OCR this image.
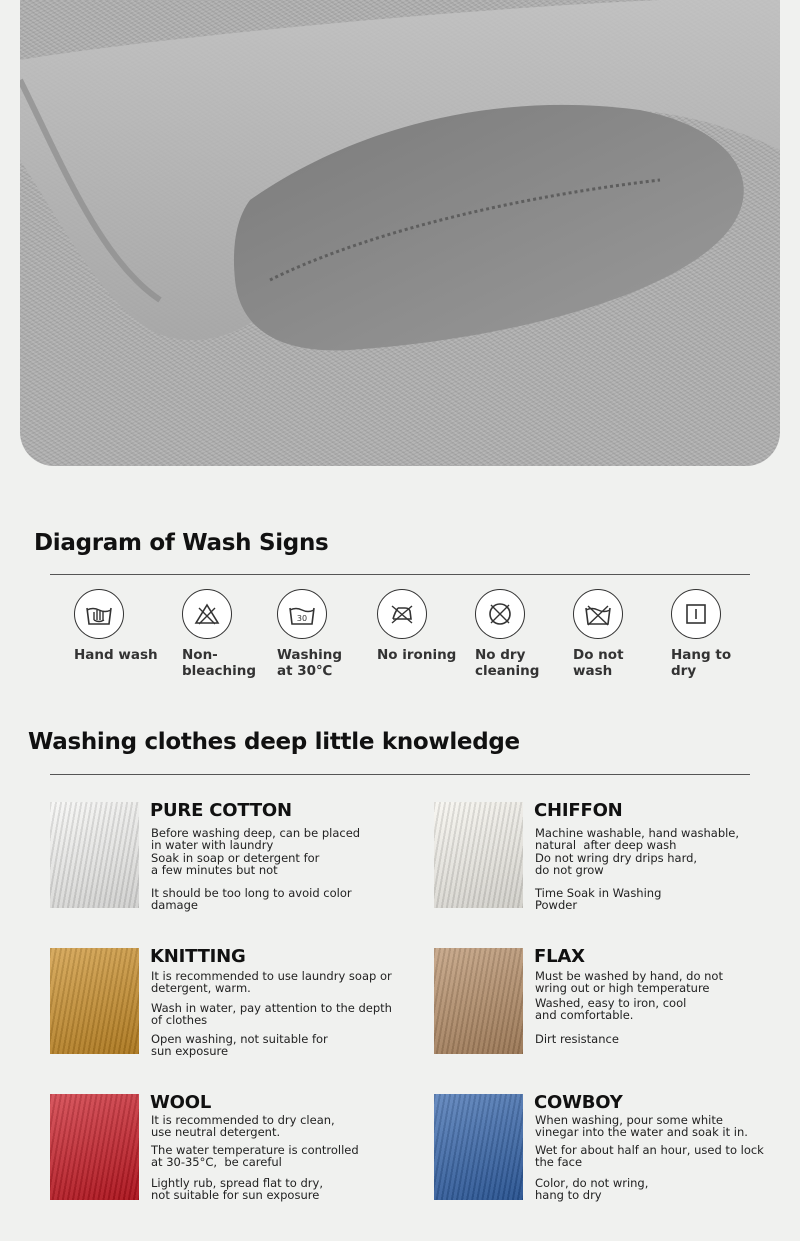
Diagram of Wash Signs
Hand wash	Non-
bleaching
30
Washing
at 30℃
No ironing	No dry
cleaning
Do not
wash
Hang to
dry
Washing clothes deep little knowledge
PURE COTTON
Before washing deep, can be placed
in water with laundry
Soak in soap or detergent for
a few minutes but not
It should be too long to avoid color
damage
CHIFFON
Machine washable, hand washable,
natural  after deep wash
Do not wring dry drips hard,
do not grow
Time Soak in Washing
Powder
KNITTING
It is recommended to use laundry soap or
detergent, warm.
Wash in water, pay attention to the depth
of clothes
Open washing, not suitable for
sun exposure
FLAX
Must be washed by hand, do not
wring out or high temperature
Washed, easy to iron, cool
and comfortable.
Dirt resistance
WOOL
It is recommended to dry clean,
use neutral detergent.
The water temperature is controlled
at 30-35°C,  be careful
Lightly rub, spread flat to dry,
not suitable for sun exposure
COWBOY
When washing, pour some white
vinegar into the water and soak it in.
Wet for about half an hour, used to lock
the face
Color, do not wring,
hang to dry
